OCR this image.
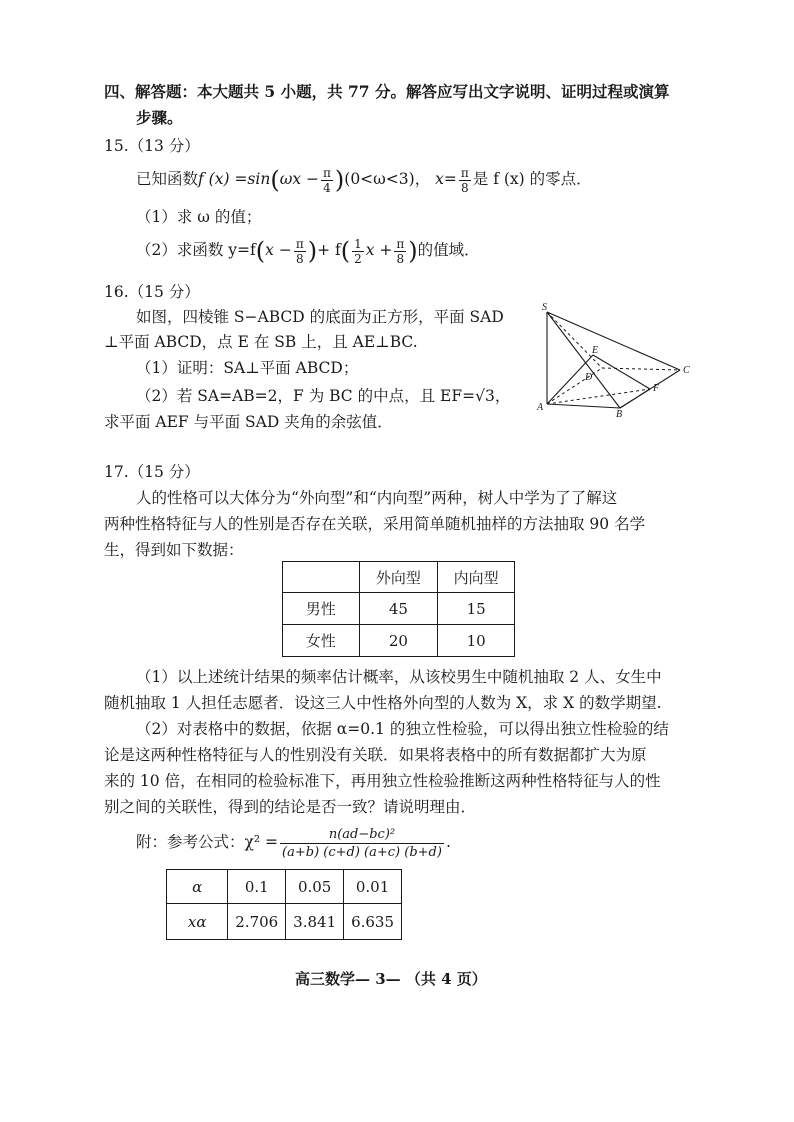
四、解答题：本大题共 5 小题，共 77 分。解答应写出文字说明、证明过程或演算
步骤。
15.（13 分）
已知函数f $(x) =\sin(\omega x - \frac{\pi}{4} )(0<\omega<3)$， $x= \frac{\pi}{8}$ 是 f (x) 的零点．
（1）求 ω 的值；
（2）求函数 $y=f(x - \frac{\pi}{8}$ )+ $f( \frac{1}{2}$ $x + \frac{\pi}{8}$ )的值域．
16.（15 分）
如图，四棱锥 S−ABCD 的底面为正方形，平面 SAD
⊥平面 ABCD，点 E 在 SB 上，且 AE⊥BC.
（1）证明：SA⊥平面 ABCD；
（2）若 SA=AB=2，F 为 BC 的中点，且 EF=√3，
求平面 AEF 与平面 SAD 夹角的余弦值．
S
E
D
C
F
A
B
17.（15 分）
人的性格可以大体分为“外向型”和“内向型”两种，树人中学为了了解这
两种性格特征与人的性别是否存在关联，采用简单随机抽样的方法抽取 90 名学
生，得到如下数据：
	外向型	内向型
男性	45	15
女性	20	10
（1）以上述统计结果的频率估计概率，从该校男生中随机抽取 2 人、女生中
随机抽取 1 人担任志愿者．设这三人中性格外向型的人数为 X，求 X 的数学期望.
（2）对表格中的数据，依据 α=0.1 的独立性检验，可以得出独立性检验的结
论是这两种性格特征与人的性别没有关联．如果将表格中的所有数据都扩大为原
来的 10 倍，在相同的检验标准下，再用独立性检验推断这两种性格特征与人的性
别之间的关联性，得到的结论是否一致？请说明理由．
附：参考公式：$\chi^2 = \frac{\text{n(ad−bc)²}}{(a+b) (c+d) (a+c) (b+d)}$ .
α	0.1	0.05	0.01
xα	2.706	3.841	6.635
高三数学— 3— （共 4 页）
